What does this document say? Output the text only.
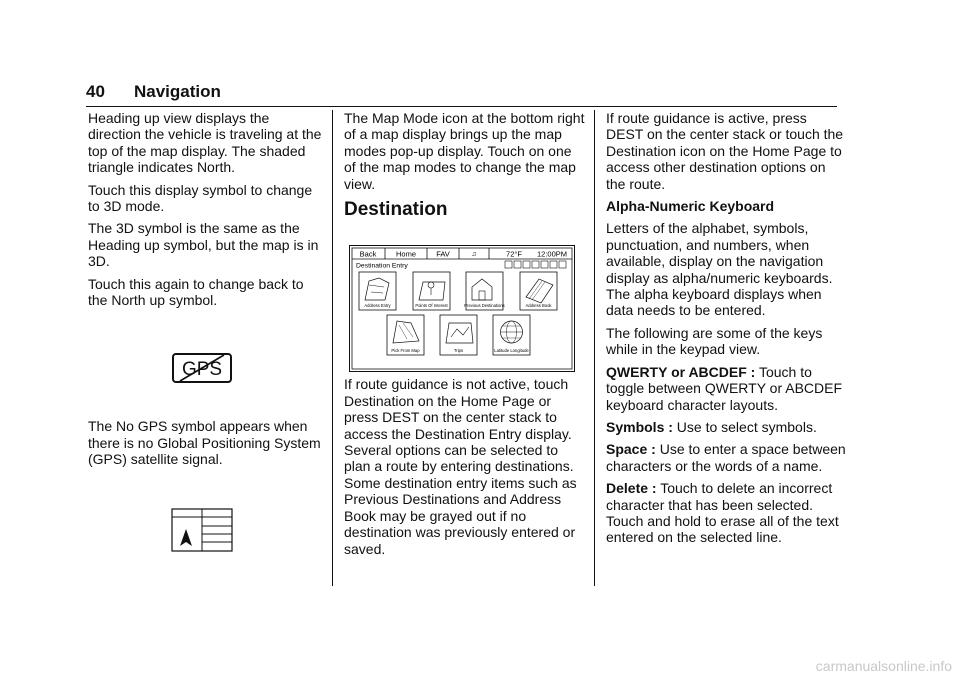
40 Navigation

Heading up view displays the direction the vehicle is traveling at the top of the map display. The shaded triangle indicates North.

Touch this display symbol to change to 3D mode.

The 3D symbol is the same as the Heading up symbol, but the map is in 3D.

Touch this again to change back to the North up symbol.

The No GPS symbol appears when there is no Global Positioning System (GPS) satellite signal.

GPS

The Map Mode icon at the bottom right of a map display brings up the map modes pop-up display. Touch on one of the map modes to change the map view.

Destination

If route guidance is not active, touch Destination on the Home Page or press DEST on the center stack to access the Destination Entry display. Several options can be selected to plan a route by entering destinations. Some destination entry items such as Previous Destinations and Address Book may be grayed out if no destination was previously entered or saved.

Back	Home	FAV	♫	72°F 12:00PM
Destination Entry
Address Entry	Points Of Interest	Previous Destinations	Address Book
Pick From Map	Trips	Latitude Longitude

If route guidance is active, press DEST on the center stack or touch the Destination icon on the Home Page to access other destination options on the route.

Alpha-Numeric Keyboard

Letters of the alphabet, symbols, punctuation, and numbers, when available, display on the navigation display as alpha/numeric keyboards. The alpha keyboard displays when data needs to be entered.

The following are some of the keys while in the keypad view.

QWERTY or ABCDEF : Touch to toggle between QWERTY or ABCDEF keyboard character layouts.

Symbols : Use to select symbols.

Space : Use to enter a space between characters or the words of a name.

Delete : Touch to delete an incorrect character that has been selected. Touch and hold to erase all of the text entered on the selected line.

carmanualsonline.info
